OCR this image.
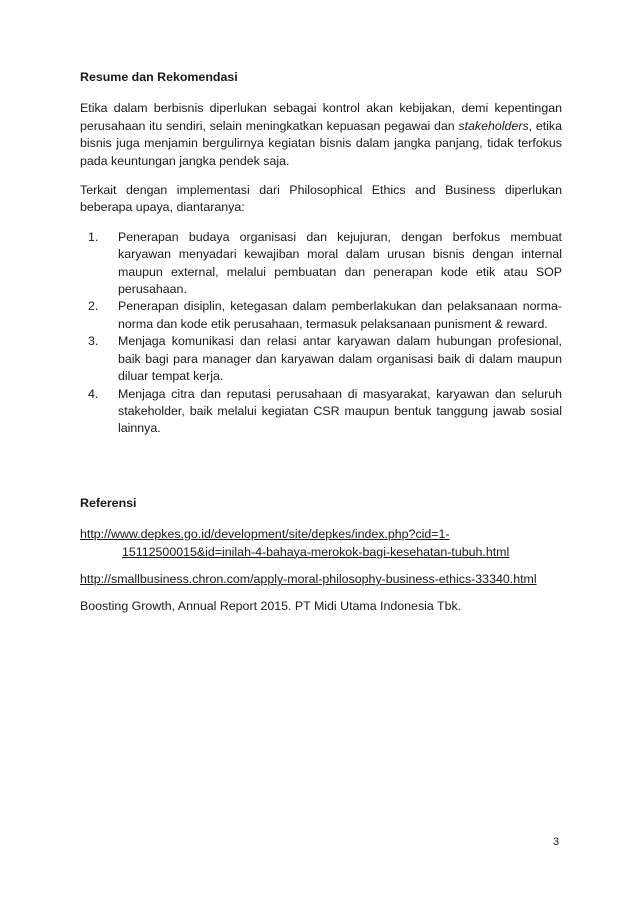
Resume dan Rekomendasi

Etika dalam berbisnis diperlukan sebagai kontrol akan kebijakan, demi kepentingan perusahaan itu sendiri, selain meningkatkan kepuasan pegawai dan stakeholders, etika bisnis juga menjamin bergulirnya kegiatan bisnis dalam jangka panjang, tidak terfokus pada keuntungan jangka pendek saja.

Terkait dengan implementasi dari Philosophical Ethics and Business diperlukan beberapa upaya, diantaranya:

1. Penerapan budaya organisasi dan kejujuran, dengan berfokus membuat karyawan menyadari kewajiban moral dalam urusan bisnis dengan internal maupun external, melalui pembuatan dan penerapan kode etik atau SOP perusahaan.
2. Penerapan disiplin, ketegasan dalam pemberlakukan dan pelaksanaan norma-norma dan kode etik perusahaan, termasuk pelaksanaan punisment & reward.
3. Menjaga komunikasi dan relasi antar karyawan dalam hubungan profesional, baik bagi para manager dan karyawan dalam organisasi baik di dalam maupun diluar tempat kerja.
4. Menjaga citra dan reputasi perusahaan di masyarakat, karyawan dan seluruh stakeholder, baik melalui kegiatan CSR maupun bentuk tanggung jawab sosial lainnya.
Referensi
http://www.depkes.go.id/development/site/depkes/index.php?cid=1-
15112500015&id=inilah-4-bahaya-merokok-bagi-kesehatan-tubuh.html
http://smallbusiness.chron.com/apply-moral-philosophy-business-ethics-33340.html

Boosting Growth, Annual Report 2015. PT Midi Utama Indonesia Tbk.

3
